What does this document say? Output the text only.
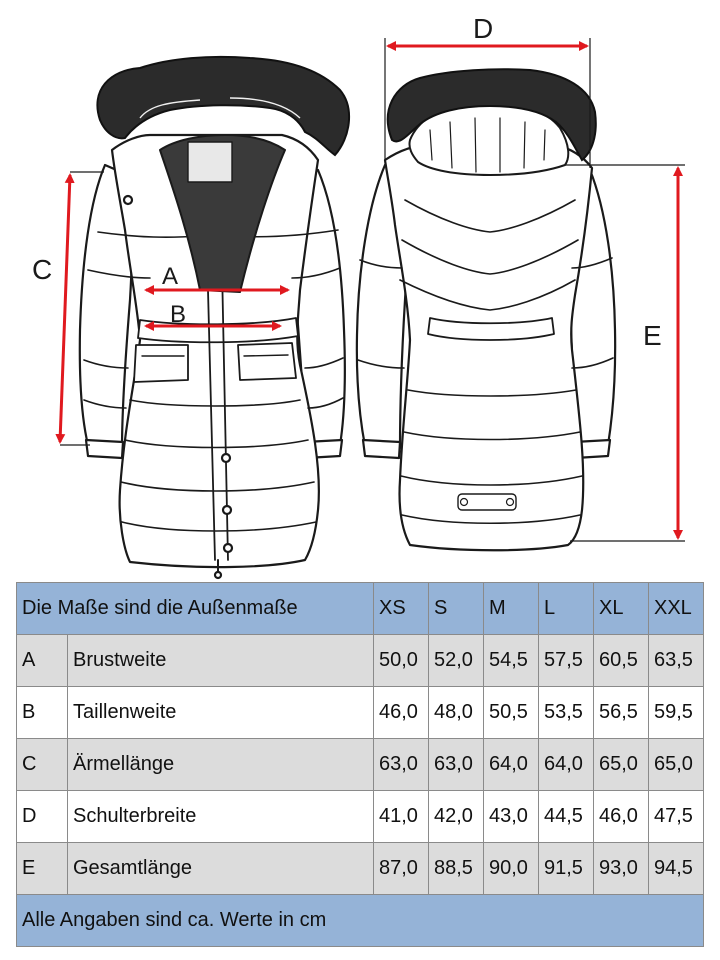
A
B
C
D
E
Die Maße sind die Außenmaße		XS	S	M	L	XL	XXL
A	Brustweite	50,0	52,0	54,5	57,5	60,5	63,5
B	Taillenweite	46,0	48,0	50,5	53,5	56,5	59,5
C	Ärmellänge	63,0	63,0	64,0	64,0	65,0	65,0
D	Schulterbreite	41,0	42,0	43,0	44,5	46,0	47,5
E	Gesamtlänge	87,0	88,5	90,0	91,5	93,0	94,5
Alle Angaben sind ca. Werte in cm							
